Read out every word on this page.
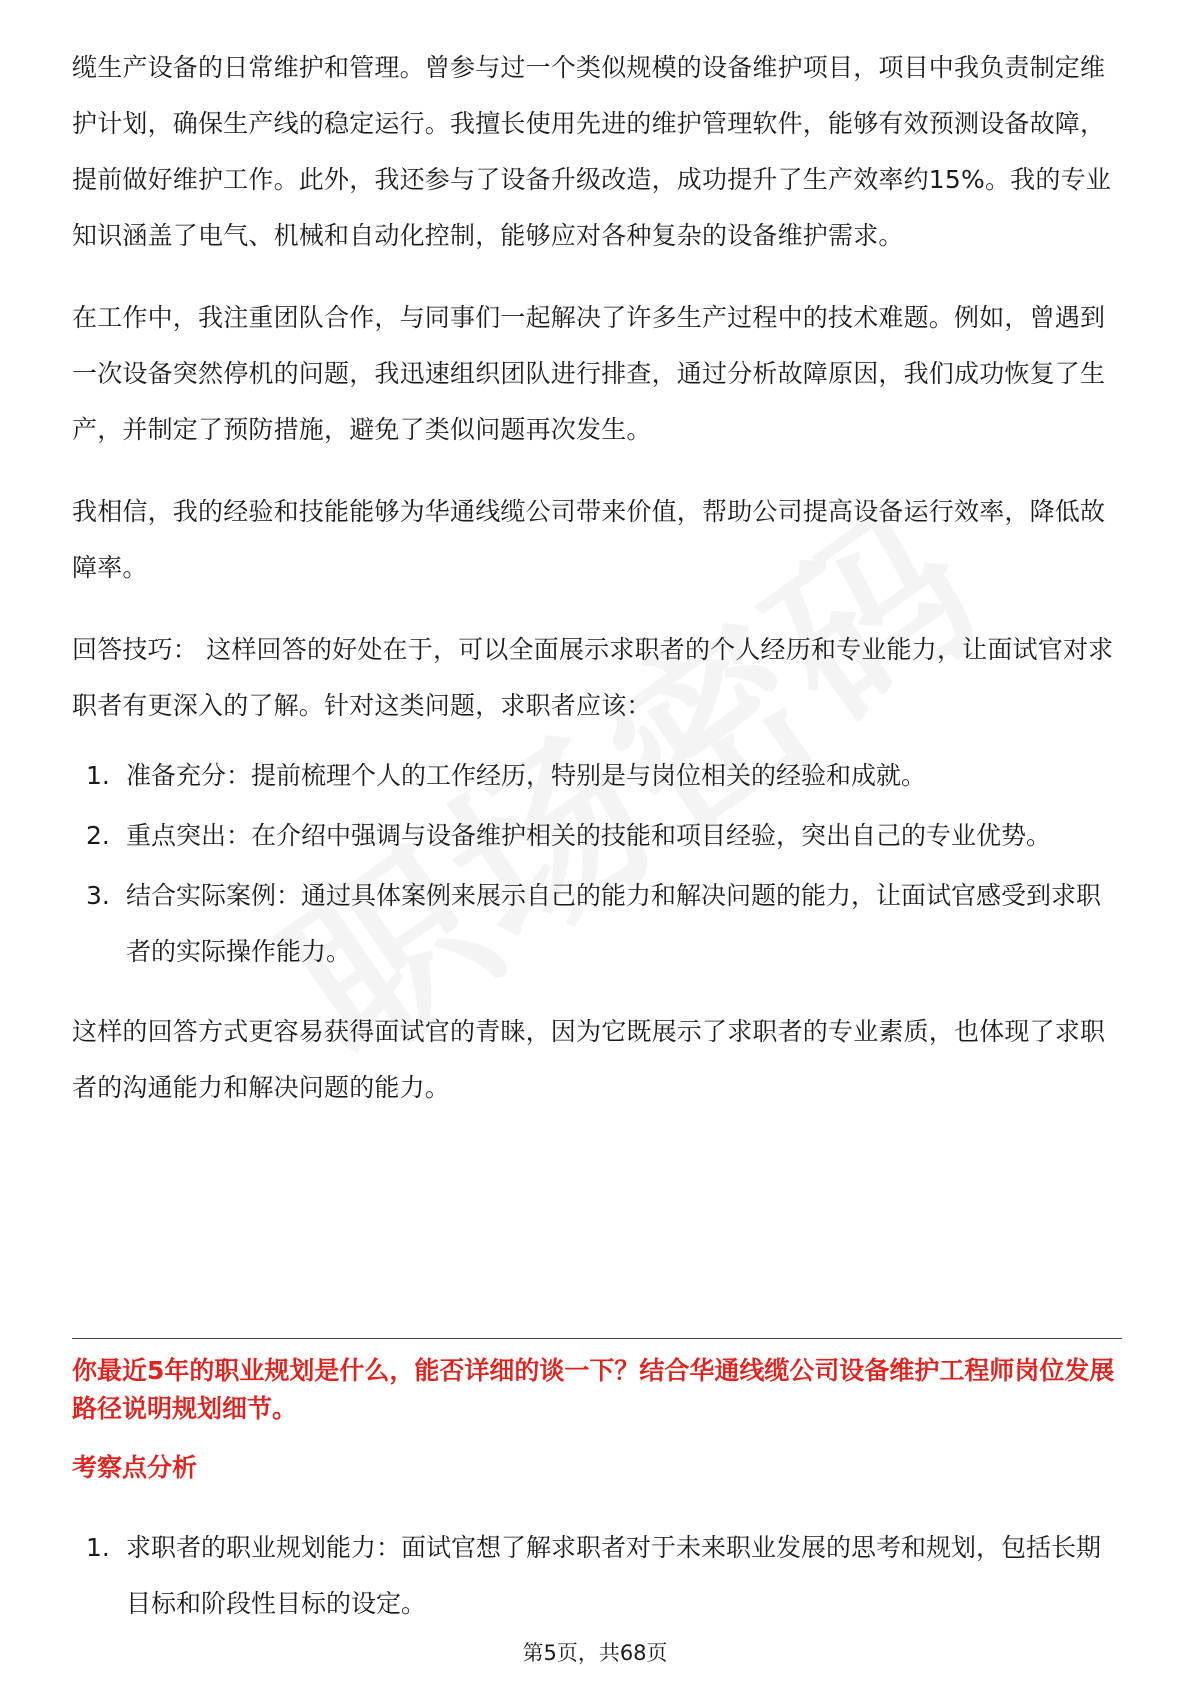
缆生产设备的日常维护和管理。曾参与过一个类似规模的设备维护项目，项目中我负责制定维护计划，确保生产线的稳定运行。我擅长使用先进的维护管理软件，能够有效预测设备故障，提前做好维护工作。此外，我还参与了设备升级改造，成功提升了生产效率约15%。我的专业知识涵盖了电气、机械和自动化控制，能够应对各种复杂的设备维护需求。

在工作中，我注重团队合作，与同事们一起解决了许多生产过程中的技术难题。例如，曾遇到一次设备突然停机的问题，我迅速组织团队进行排查，通过分析故障原因，我们成功恢复了生产，并制定了预防措施，避免了类似问题再次发生。

我相信，我的经验和技能能够为华通线缆公司带来价值，帮助公司提高设备运行效率，降低故障率。

回答技巧： 这样回答的好处在于，可以全面展示求职者的个人经历和专业能力，让面试官对求职者有更深入的了解。针对这类问题，求职者应该：

1. 准备充分：提前梳理个人的工作经历，特别是与岗位相关的经验和成就。
2. 重点突出：在介绍中强调与设备维护相关的技能和项目经验，突出自己的专业优势。
3. 结合实际案例：通过具体案例来展示自己的能力和解决问题的能力，让面试官感受到求职者的实际操作能力。

这样的回答方式更容易获得面试官的青睐，因为它既展示了求职者的专业素质，也体现了求职者的沟通能力和解决问题的能力。

你最近5年的职业规划是什么，能否详细的谈一下？结合华通线缆公司设备维护工程师岗位发展路径说明规划细节。
考察点分析
1. 求职者的职业规划能力：面试官想了解求职者对于未来职业发展的思考和规划，包括长期目标和阶段性目标的设定。
第5页，共68页
